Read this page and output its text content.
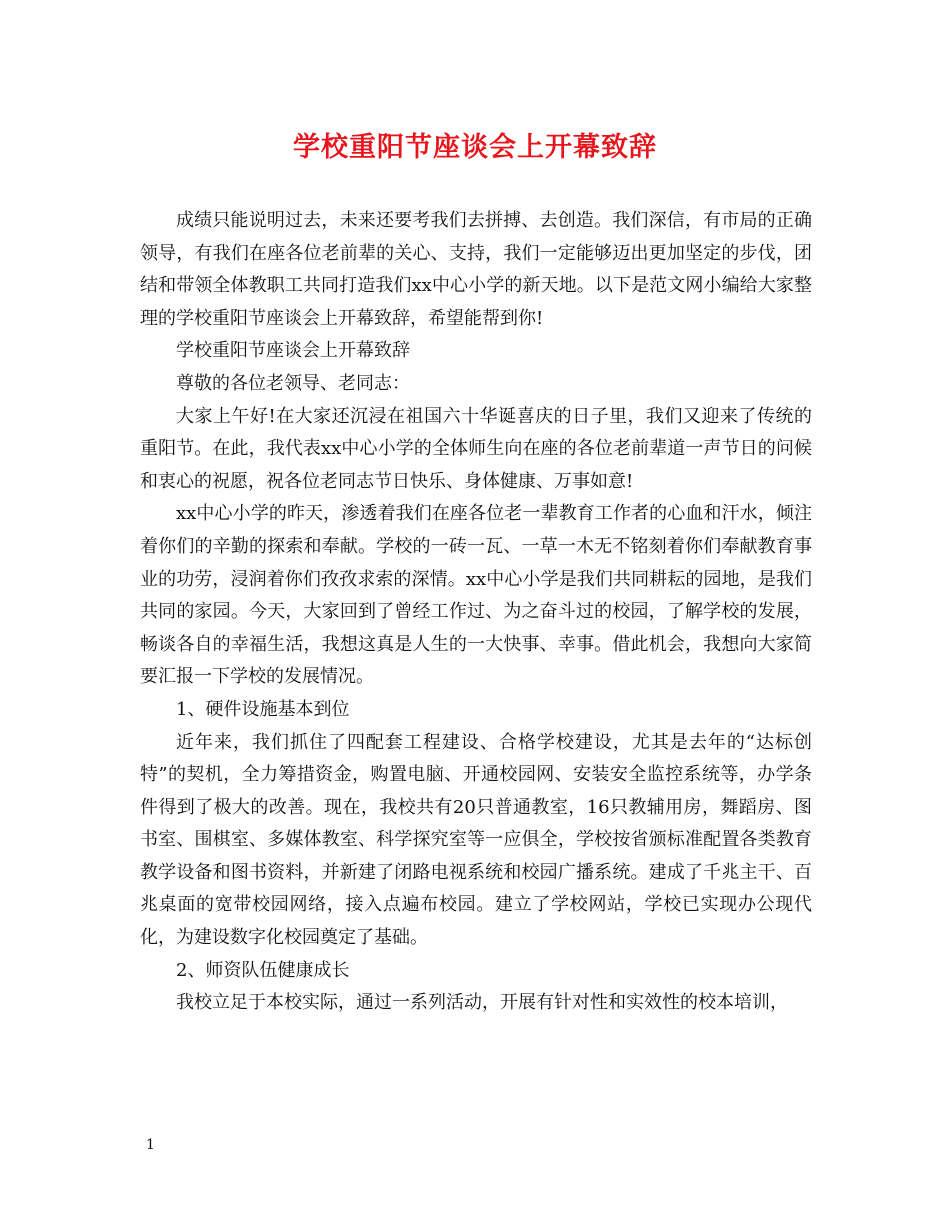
学校重阳节座谈会上开幕致辞

成绩只能说明过去，未来还要考我们去拼搏、去创造。我们深信，有市局的正确领导，有我们在座各位老前辈的关心、支持，我们一定能够迈出更加坚定的步伐，团结和带领全体教职工共同打造我们xx中心小学的新天地。以下是范文网小编给大家整理的学校重阳节座谈会上开幕致辞，希望能帮到你!

学校重阳节座谈会上开幕致辞

尊敬的各位老领导、老同志：

大家上午好!在大家还沉浸在祖国六十华诞喜庆的日子里，我们又迎来了传统的重阳节。在此，我代表xx中心小学的全体师生向在座的各位老前辈道一声节日的问候和衷心的祝愿，祝各位老同志节日快乐、身体健康、万事如意!

xx中心小学的昨天，渗透着我们在座各位老一辈教育工作者的心血和汗水，倾注着你们的辛勤的探索和奉献。学校的一砖一瓦、一草一木无不铭刻着你们奉献教育事业的功劳，浸润着你们孜孜求索的深情。xx中心小学是我们共同耕耘的园地，是我们共同的家园。今天，大家回到了曾经工作过、为之奋斗过的校园，了解学校的发展，畅谈各自的幸福生活，我想这真是人生的一大快事、幸事。借此机会，我想向大家简要汇报一下学校的发展情况。

1、硬件设施基本到位

近年来，我们抓住了四配套工程建设、合格学校建设，尤其是去年的“达标创特”的契机，全力筹措资金，购置电脑、开通校园网、安装安全监控系统等，办学条件得到了极大的改善。现在，我校共有20只普通教室，16只教辅用房，舞蹈房、图书室、围棋室、多媒体教室、科学探究室等一应俱全，学校按省颁标准配置各类教育教学设备和图书资料，并新建了闭路电视系统和校园广播系统。建成了千兆主干、百兆桌面的宽带校园网络，接入点遍布校园。建立了学校网站，学校已实现办公现代化，为建设数字化校园奠定了基础。

2、师资队伍健康成长

我校立足于本校实际，通过一系列活动，开展有针对性和实效性的校本培训，

1
